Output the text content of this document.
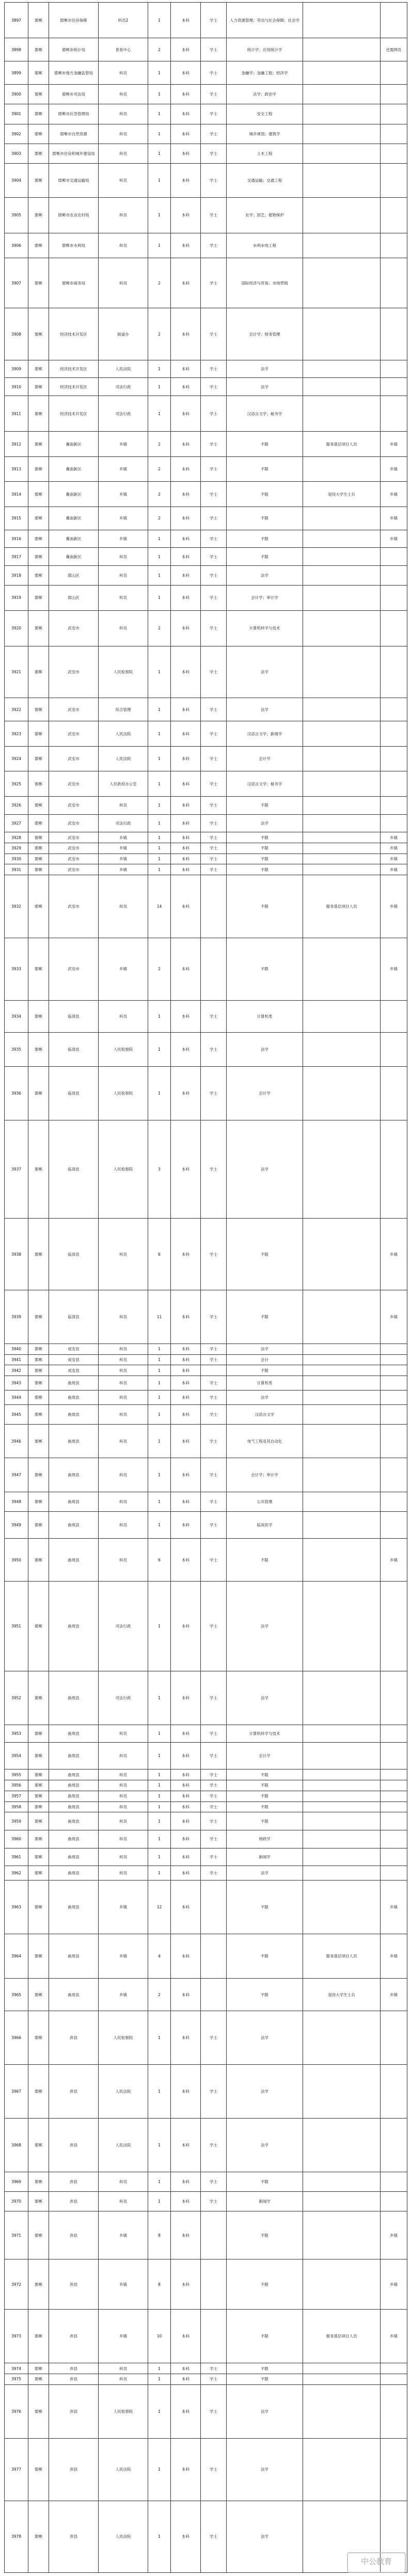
3897	邯郸	邯郸市住房保障	科员2	1	本科	学士	人力资源管理；劳动与社会保障；社会学		
3898	邯郸	邯郸市统计局	普查中心	2	本科	学士	统计学；应用统计学		还需网页
3899	邯郸	邯郸市地方金融监管局	科员	1	本科	学士	金融学；金融工程；经济学		
3900	邯郸	邯郸市司法局	科员	1	本科	学士	法学；政治学		
3901	邯郸	邯郸市应急管理局	科员	1	本科	学士	安全工程		
3902	邯郸	邯郸市自然资源	科员	1	本科	学士	城乡规划；建筑学		
3903	邯郸	邯郸市住房和城乡建设局	科员	1	本科	学士	土木工程		
3904	邯郸	邯郸市交通运输局	科员	1	本科	学士	交通运输；交通工程		
3905	邯郸	邯郸市农业农村局	科员	1	本科	学士	农学；园艺；植物保护		
3906	邯郸	邯郸市水利局	科员	1	本科	学士	水利水电工程		
3907	邯郸	邯郸市商务局	科员	2	本科	学士	国际经济与贸易；市场营销		
3908	邯郸	经济技术开发区	街道办	2	本科	学士	会计学；财务管理		
3909	邯郸	经济技术开发区	人民法院	1	本科	学士	法学		
3910	邯郸	经济技术开发区	司法行政	1	本科	学士	法学		
3911	邯郸	经济技术开发区	司法行政	1	本科	学士	汉语言文学；秘书学		
3912	邯郸	冀南新区	乡镇	2	本科	学士	不限	服务基层项目人员	乡镇
3913	邯郸	冀南新区	乡镇	2	本科	学士	不限		乡镇
3914	邯郸	冀南新区	乡镇	2	本科	学士	不限	退役大学生士兵	乡镇
3915	邯郸	冀南新区	乡镇	2	本科	学士	不限		乡镇
3916	邯郸	冀南新区	乡镇	1	本科	学士	不限		乡镇
3917	邯郸	冀南新区	科员	1	本科	学士	不限		
3918	邯郸	邯山区	科员	1	本科	学士	法学		
3919	邯郸	邯山区	科员	1	本科	学士	会计学；审计学		
3920	邯郸	武安市	科员	2	本科	学士	计算机科学与技术		
3921	邯郸	武安市	人民检察院	1	本科	学士	法学		
3922	邯郸	武安市	综合管理	1	本科	学士	法学		
3923	邯郸	武安市	人民法院	1	本科	学士	汉语言文学；新闻学		
3924	邯郸	武安市	人民法院	1	本科	学士	会计学		
3925	邯郸	武安市	人民政府办公室	1	本科	学士	汉语言文学；秘书学		
3926	邯郸	武安市	科员	1	本科	学士	不限		
3927	邯郸	武安市	司法行政	1	本科	学士	法学		
3928	邯郸	武安市	乡镇	1	本科	学士	不限		乡镇
3929	邯郸	武安市	乡镇	1	本科	学士	不限		乡镇
3930	邯郸	武安市	乡镇	1	本科	学士	不限		乡镇
3931	邯郸	武安市	乡镇	1	本科	学士	不限		乡镇
3932	邯郸	武安市	科员	14	本科		不限	服务基层项目人员	乡镇
3933	邯郸	武安市	乡镇	2	本科		不限		乡镇
3934	邯郸	临漳县	科员	1	本科	学士	计算机类		
3935	邯郸	临漳县	人民检察院	1	本科	学士	法学		
3936	邯郸	临漳县	人民检察院	1	本科	学士	会计学		
3937	邯郸	临漳县	人民检察院	3	本科	学士	法学		
3938	邯郸	临漳县	科员	6	本科	学士	不限		乡镇
3939	邯郸	临漳县	科员	11	本科	学士	不限		乡镇
3940	邯郸	成安县	科员	1	本科	学士	法学		
3941	邯郸	成安县	科员	1	本科	学士	会计		
3942	邯郸	成安县	科员	1	本科		不限		
3943	邯郸	曲周县	科员	1	本科	学士	计算机类		
3944	邯郸	曲周县	科员	1	本科	学士	法学		
3945	邯郸	曲周县	科员	1	本科	学士	汉语言文学		
3946	邯郸	曲周县	科员	1	本科	学士	电气工程及其自动化		
3947	邯郸	曲周县	科员	1	本科	学士	会计学；审计学		
3948	邯郸	曲周县	科员	1	本科	学士	公共管理		
3949	邯郸	曲周县	科员	1	本科	学士	临床医学		
3950	邯郸	曲周县	科员	6	本科	学士	不限		乡镇
3951	邯郸	曲周县	司法行政	1	本科	学士	法学		
3952	邯郸	曲周县	司法行政	1	本科	学士	法学		
3953	邯郸	曲周县	科员	1	本科	学士	计算机科学与技术		
3954	邯郸	曲周县	科员	1	本科	学士	会计学		
3955	邯郸	曲周县	科员	1	本科	学士	不限		
3956	邯郸	曲周县	科员	1	本科	学士	不限		
3957	邯郸	曲周县	科员	1	本科	学士	不限		
3958	邯郸	曲周县	科员	1	本科	学士	不限		
3959	邯郸	曲周县	科员	1	本科	学士	不限		
3960	邯郸	曲周县	科员	1	本科	学士	财政学		
3961	邯郸	曲周县	科员	1	本科	学士	新闻学		
3962	邯郸	曲周县	科员	1	本科	学士	法学		
3963	邯郸	曲周县	乡镇	12	本科		不限		乡镇
3964	邯郸	曲周县	乡镇	4	本科		不限	服务基层项目人员	乡镇
3965	邯郸	曲周县	乡镇	2	本科		不限	退役大学生士兵	乡镇
3966	邯郸	涉县	人民检察院	1	本科	学士	法学		
3967	邯郸	涉县	人民法院	1	本科	学士	法学		
3968	邯郸	涉县	人民法院	1	本科	学士	法学		
3969	邯郸	涉县	科员	1	本科	学士	不限		
3970	邯郸	涉县	科员	1	本科	学士	新闻学		
3971	邯郸	涉县	乡镇	8	本科		不限		乡镇
3972	邯郸	涉县	乡镇	8	本科		不限		乡镇
3973	邯郸	涉县	乡镇	10	本科		不限	服务基层项目人员	乡镇
3974	邯郸	涉县	科员	1	本科	学士	不限		
3975	邯郸	涉县	科员	1	本科	学士	不限		
3976	邯郸	涉县	人民检察院	1	本科	学士	法学		
3977	邯郸	涉县	人民法院	1	本科	学士	法学		
3978	邯郸	涉县	人民法院	1	本科	学士	法学		
中公教育
